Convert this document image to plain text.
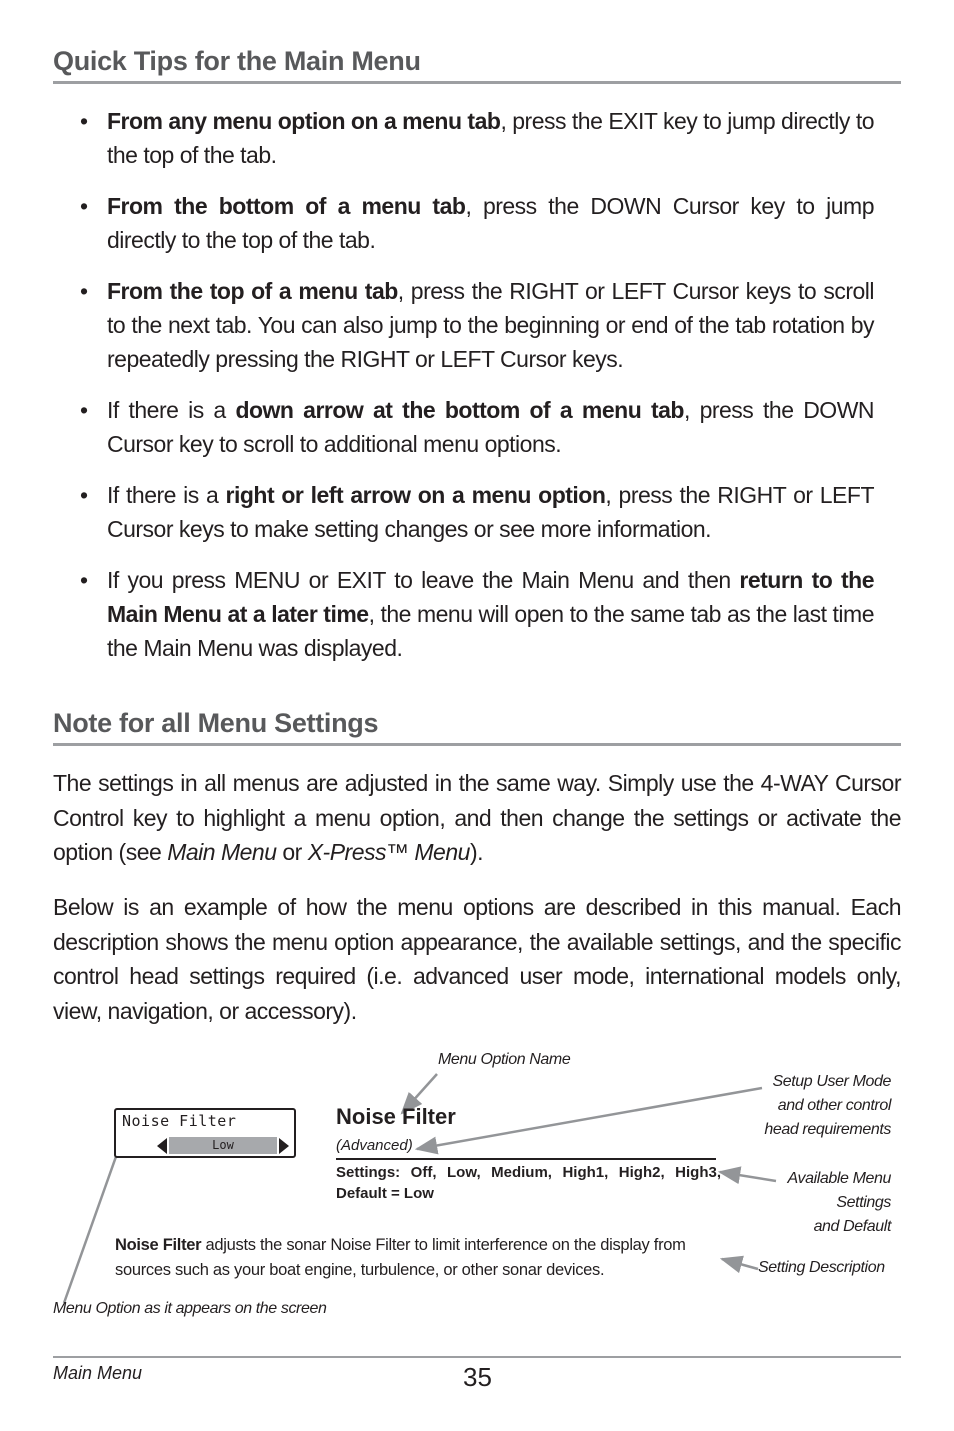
Quick Tips for the Main Menu
• From any menu option on a menu tab, press the EXIT key to jump directly to the top of the tab.
• From the bottom of a menu tab, press the DOWN Cursor key to jump directly to the top of the tab.
• From the top of a menu tab, press the RIGHT or LEFT Cursor keys to scroll to the next tab. You can also jump to the beginning or end of the tab rotation by repeatedly pressing the RIGHT or LEFT Cursor keys.
• If there is a down arrow at the bottom of a menu tab, press the DOWN Cursor key to scroll to additional menu options.
• If there is a right or left arrow on a menu option, press the RIGHT or LEFT Cursor keys to make setting changes or see more information.
• If you press MENU or EXIT to leave the Main Menu and then return to the Main Menu at a later time, the menu will open to the same tab as the last time the Main Menu was displayed.
Note for all Menu Settings

The settings in all menus are adjusted in the same way. Simply use the 4-WAY Cursor Control key to highlight a menu option, and then change the settings or activate the option (see Main Menu or X-Press™ Menu).

Below is an example of how the menu options are described in this manual. Each description shows the menu option appearance, the available settings, and the specific control head settings required (i.e. advanced user mode, international models only, view, navigation, or accessory).

Noise Filter
Low
Noise Filter
(Advanced)
Settings: Off, Low, Medium, High1, High2, High3, Default = Low
Noise Filter adjusts the sonar Noise Filter to limit interference on the display from sources such as your boat engine, turbulence, or other sonar devices.
Menu Option Name
Setup User Mode
and other control
head requirements
Available Menu
Settings
and Default
Setting Description
Menu Option as it appears on the screen
Main Menu	35
